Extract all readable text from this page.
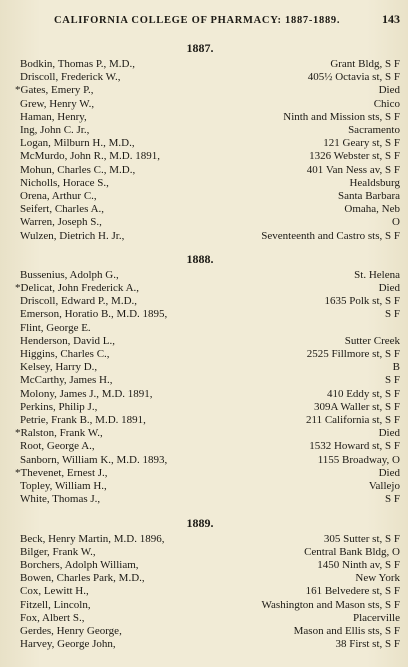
CALIFORNIA COLLEGE OF PHARMACY: 1887-1889.	143
1887.
Bodkin, Thomas P., M.D.,	Grant Bldg, S F
Driscoll, Frederick W.,	405½ Octavia st, S F
*Gates, Emery P.,	Died
Grew, Henry W.,	Chico
Haman, Henry,	Ninth and Mission sts, S F
Ing, John C. Jr.,	Sacramento
Logan, Milburn H., M.D.,	121 Geary st, S F
McMurdo, John R., M.D. 1891,	1326 Webster st, S F
Mohun, Charles C., M.D.,	401 Van Ness av, S F
Nicholls, Horace S.,	Healdsburg
Orena, Arthur C.,	Santa Barbara
Seifert, Charles A.,	Omaha, Neb
Warren, Joseph S.,	O
Wulzen, Dietrich H. Jr.,	Seventeenth and Castro sts, S F
1888.
Bussenius, Adolph G.,	St. Helena
*Delicat, John Frederick A.,	Died
Driscoll, Edward P., M.D.,	1635 Polk st, S F
Emerson, Horatio B., M.D. 1895,	S F
Flint, George E.
Henderson, David L.,	Sutter Creek
Higgins, Charles C.,	2525 Fillmore st, S F
Kelsey, Harry D.,	B
McCarthy, James H.,	S F
Molony, James J., M.D. 1891,	410 Eddy st, S F
Perkins, Philip J.,	309A Waller st, S F
Petrie, Frank B., M.D. 1891,	211 California st, S F
*Ralston, Frank W.,	Died
Root, George A.,	1532 Howard st, S F
Sanborn, William K., M.D. 1893,	1155 Broadway, O
*Thevenet, Ernest J.,	Died
Topley, William H.,	Vallejo
White, Thomas J.,	S F
1889.
Beck, Henry Martin, M.D. 1896,	305 Sutter st, S F
Bilger, Frank W.,	Central Bank Bldg, O
Borchers, Adolph William,	1450 Ninth av, S F
Bowen, Charles Park, M.D.,	New York
Cox, Lewitt H.,	161 Belvedere st, S F
Fitzell, Lincoln,	Washington and Mason sts, S F
Fox, Albert S.,	Placerville
Gerdes, Henry George,	Mason and Ellis sts, S F
Harvey, George John,	38 First st, S F
